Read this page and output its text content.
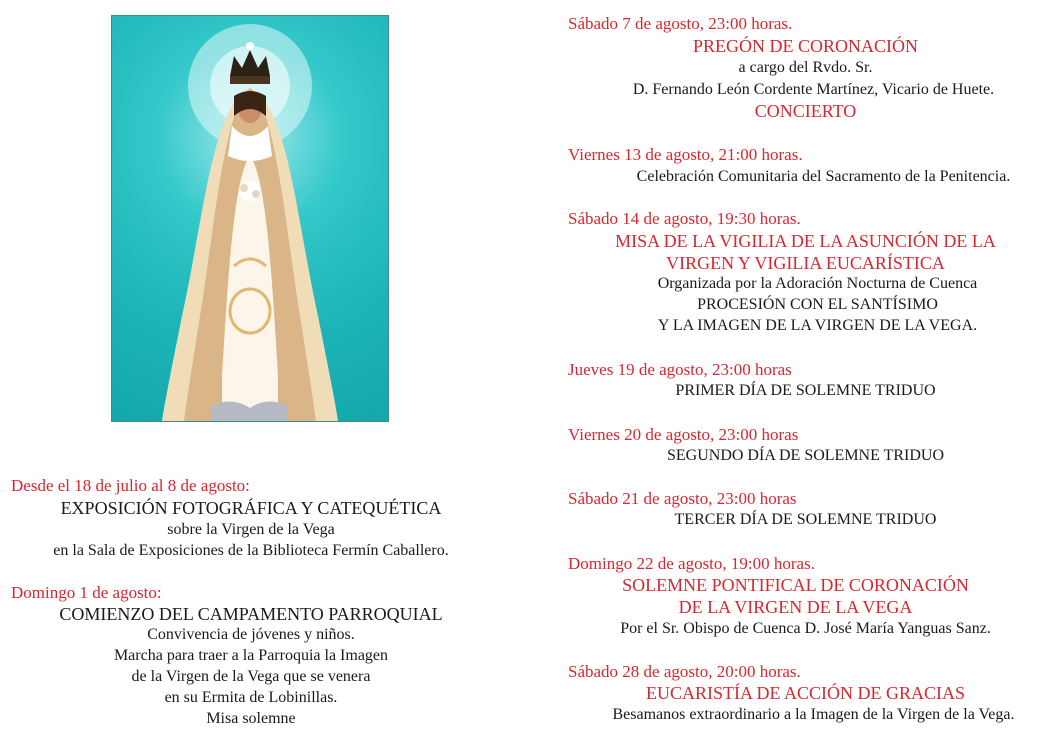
Desde el 18 de julio al 8 de agosto:
EXPOSICIÓN FOTOGRÁFICA Y CATEQUÉTICA
sobre la Virgen de la Vega
en la Sala de Exposiciones de la Biblioteca Fermín Caballero.
Domingo 1 de agosto:
COMIENZO DEL CAMPAMENTO PARROQUIAL
Convivencia de jóvenes y niños.
Marcha para traer a la Parroquia la Imagen
de la Virgen de la Vega que se venera
en su Ermita de Lobinillas.
Misa solemne
Sábado 7 de agosto, 23:00 horas.
PREGÓN DE CORONACIÓN
a cargo del Rvdo. Sr.
D. Fernando León Cordente Martínez, Vicario de Huete.
CONCIERTO
Viernes 13 de agosto, 21:00 horas.
Celebración Comunitaria del Sacramento de la Penitencia.
Sábado 14 de agosto, 19:30 horas.
MISA DE LA VIGILIA DE LA ASUNCIÓN DE LA
VIRGEN Y VIGILIA EUCARÍSTICA
Organizada por la Adoración Nocturna de Cuenca
PROCESIÓN CON EL SANTÍSIMO
Y LA IMAGEN DE LA VIRGEN DE LA VEGA.
Jueves 19 de agosto, 23:00 horas
PRIMER DÍA DE SOLEMNE TRIDUO
Viernes 20 de agosto, 23:00 horas
SEGUNDO DÍA DE SOLEMNE TRIDUO
Sábado 21 de agosto, 23:00 horas
TERCER DÍA DE SOLEMNE TRIDUO
Domingo 22 de agosto, 19:00 horas.
SOLEMNE PONTIFICAL DE CORONACIÓN
DE LA VIRGEN DE LA VEGA
Por el Sr. Obispo de Cuenca D. José María Yanguas Sanz.
Sábado 28 de agosto, 20:00 horas.
EUCARISTÍA DE ACCIÓN DE GRACIAS
Besamanos extraordinario a la Imagen de la Virgen de la Vega.
